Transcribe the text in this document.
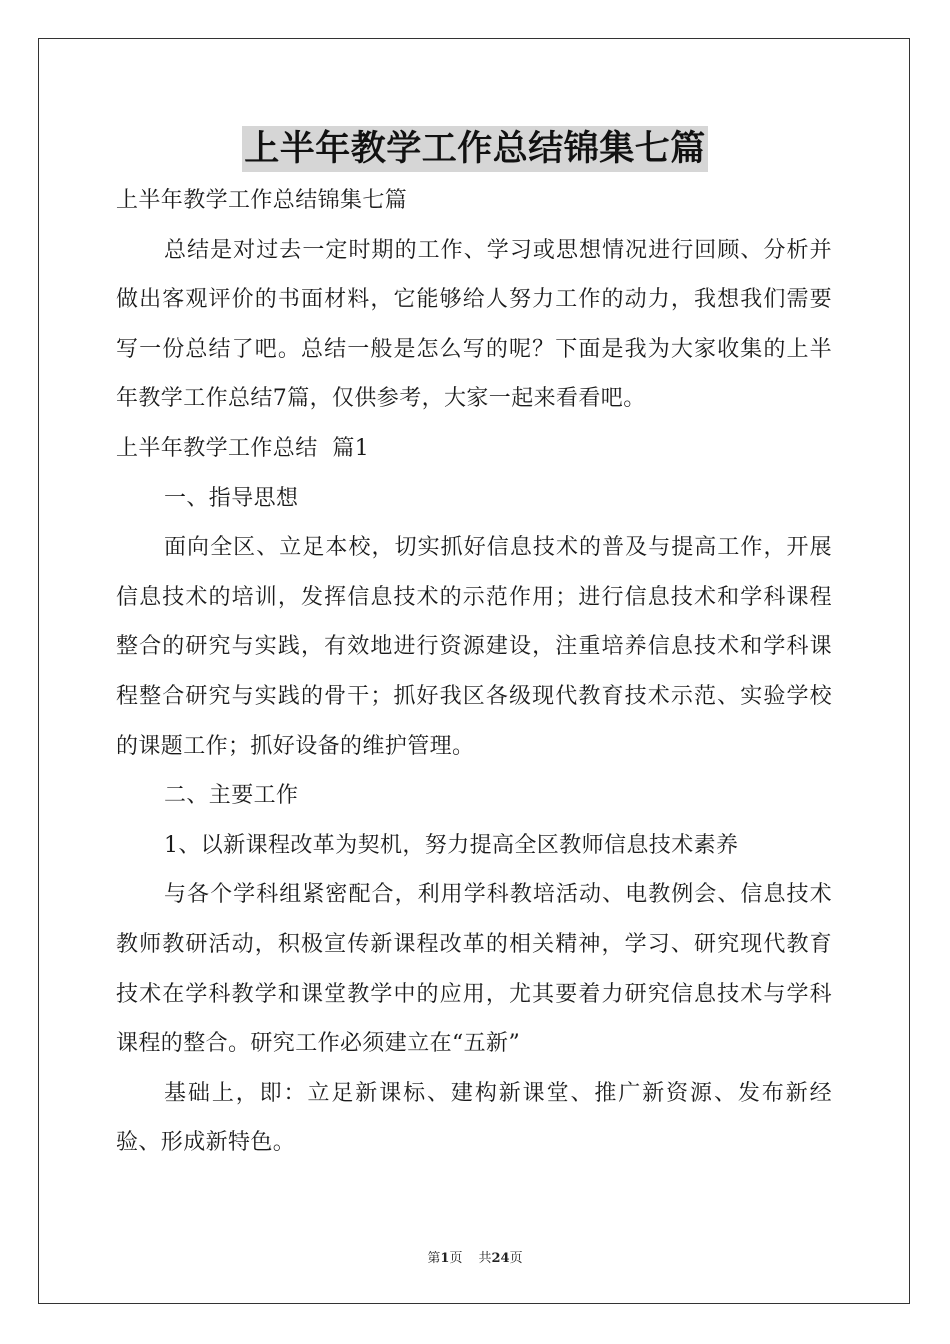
上半年教学工作总结锦集七篇

上半年教学工作总结锦集七篇

总结是对过去一定时期的工作、学习或思想情况进行回顾、分析并做出客观评价的书面材料，它能够给人努力工作的动力，我想我们需要写一份总结了吧。总结一般是怎么写的呢？下面是我为大家收集的上半年教学工作总结7篇，仅供参考，大家一起来看看吧。

上半年教学工作总结  篇1

一、指导思想

面向全区、立足本校，切实抓好信息技术的普及与提高工作，开展信息技术的培训，发挥信息技术的示范作用；进行信息技术和学科课程整合的研究与实践，有效地进行资源建设，注重培养信息技术和学科课程整合研究与实践的骨干；抓好我区各级现代教育技术示范、实验学校的课题工作；抓好设备的维护管理。

二、主要工作

1、以新课程改革为契机，努力提高全区教师信息技术素养

与各个学科组紧密配合，利用学科教培活动、电教例会、信息技术教师教研活动，积极宣传新课程改革的相关精神，学习、研究现代教育技术在学科教学和课堂教学中的应用，尤其要着力研究信息技术与学科课程的整合。研究工作必须建立在“五新”

基础上，即：立足新课标、建构新课堂、推广新资源、发布新经验、形成新特色。

第1页 共24页
